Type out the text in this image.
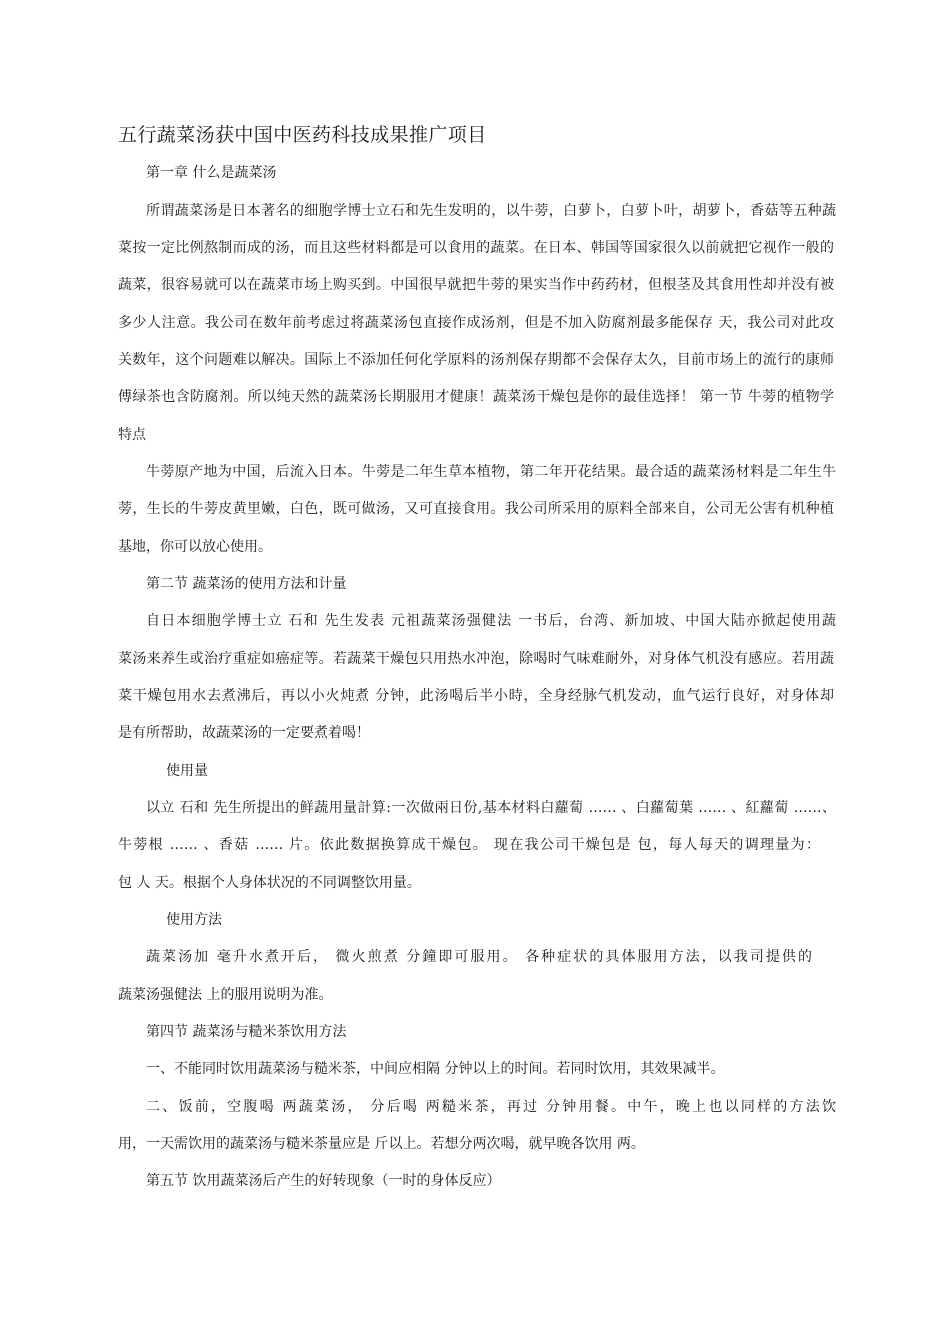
五行蔬菜汤获中国中医药科技成果推广项目
第一章 什么是蔬菜汤
所谓蔬菜汤是日本著名的细胞学博士立石和先生发明的，以牛蒡，白萝卜，白萝卜叶，胡萝卜，香菇等五种蔬
菜按一定比例熬制而成的汤，而且这些材料都是可以食用的蔬菜。在日本、韩国等国家很久以前就把它视作一般的
蔬菜，很容易就可以在蔬菜市场上购买到。中国很早就把牛蒡的果实当作中药药材，但根茎及其食用性却并没有被
多少人注意。我公司在数年前考虑过将蔬菜汤包直接作成汤剂，但是不加入防腐剂最多能保存 天，我公司对此攻
关数年，这个问题难以解决。国际上不添加任何化学原料的汤剂保存期都不会保存太久，目前市场上的流行的康师
傅绿茶也含防腐剂。所以纯天然的蔬菜汤长期服用才健康！蔬菜汤干燥包是你的最佳选择！ 第一节 牛蒡的植物学
特点
牛蒡原产地为中国，后流入日本。牛蒡是二年生草本植物，第二年开花结果。最合适的蔬菜汤材料是二年生牛
蒡，生长的牛蒡皮黄里嫩，白色，既可做汤，又可直接食用。我公司所采用的原料全部来自，公司无公害有机种植
基地，你可以放心使用。
第二节 蔬菜汤的使用方法和计量
自日本细胞学博士立 石和 先生发表 元祖蔬菜汤强健法 一书后，台湾、新加坡、中国大陆亦掀起使用蔬
菜汤来养生或治疗重症如癌症等。若蔬菜干燥包只用热水冲泡，除喝时气味难耐外，对身体气机没有感应。若用蔬
菜干燥包用水去煮沸后，再以小火炖煮 分钟，此汤喝后半小時，全身经脉气机发动，血气运行良好，对身体却
是有所帮助，故蔬菜汤的一定要煮着喝！
使用量
以立 石和 先生所提出的鲜蔬用量計算:一次做兩日份,基本材料白蘿蔔 …… 、白蘿蔔葉 …… 、紅蘿蔔 ……、
牛蒡根 …… 、香菇 …… 片。依此数据换算成干燥包。 现在我公司干燥包是 包，每人每天的调理量为：
包 人 天。根据个人身体状况的不同调整饮用量。
使用方法
蔬菜汤加 毫升水煮开后， 微火煎煮 分鐘即可服用。 各种症状的具体服用方法，以我司提供的
蔬菜汤强健法 上的服用说明为准。
第四节 蔬菜汤与糙米茶饮用方法
一、不能同时饮用蔬菜汤与糙米茶，中间应相隔 分钟以上的时间。若同时饮用，其效果减半。
二、饭前，空腹喝 两蔬菜汤， 分后喝 两糙米茶，再过 分钟用餐。中午，晚上也以同样的方法饮
用，一天需饮用的蔬菜汤与糙米茶量应是 斤以上。若想分两次喝，就早晚各饮用 两。
第五节 饮用蔬菜汤后产生的好转现象（一时的身体反应）
